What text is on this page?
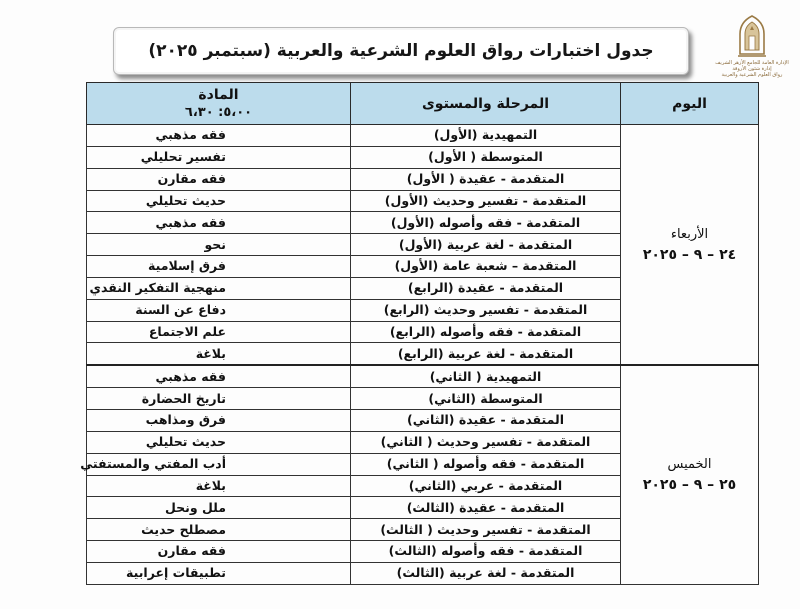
الإدارة العامة للجامع الأزهر الشريف
إدارة شئون الأروقة
رواق العلوم الشرعية والعربية
جدول اختبارات رواق العلوم الشرعية والعربية (سبتمبر ٢٠٢٥)
اليوم	المرحلة والمستوى	المادة
٥،٠٠: ٦،٣٠

الأربعاء
٢٤ – ٩ – ٢٠٢٥	التمهيدية (الأول)	فقه مذهبي
	المتوسطة ( الأول)	تفسير تحليلي
	المتقدمة - عقيدة ( الأول)	فقه مقارن
	المتقدمة - تفسير وحديث (الأول)	حديث تحليلي
	المتقدمة - فقه وأصوله (الأول)	فقه مذهبي
	المتقدمة - لغة عربية (الأول)	نحو
	المتقدمة – شعبة عامة (الأول)	فرق إسلامية
	المتقدمة - عقيدة (الرابع)	منهجية التفكير النقدي
	المتقدمة - تفسير وحديث (الرابع)	دفاع عن السنة
	المتقدمة - فقه وأصوله (الرابع)	علم الاجتماع
	المتقدمة - لغة عربية (الرابع)	بلاغة

الخميس
٢٥ – ٩ – ٢٠٢٥	التمهيدية ( الثاني)	فقه مذهبي
	المتوسطة (الثاني)	تاريخ الحضارة
	المتقدمة - عقيدة (الثاني)	فرق ومذاهب
	المتقدمة - تفسير وحديث ( الثاني)	حديث تحليلي
	المتقدمة - فقه وأصوله ( الثاني)	أدب المفتي والمستفتي
	المتقدمة - عربي (الثاني)	بلاغة
	المتقدمة - عقيدة (الثالث)	ملل ونحل
	المتقدمة - تفسير وحديث ( الثالث)	مصطلح حديث
	المتقدمة - فقه وأصوله (الثالث)	فقه مقارن
	المتقدمة - لغة عربية (الثالث)	تطبيقات إعرابية
